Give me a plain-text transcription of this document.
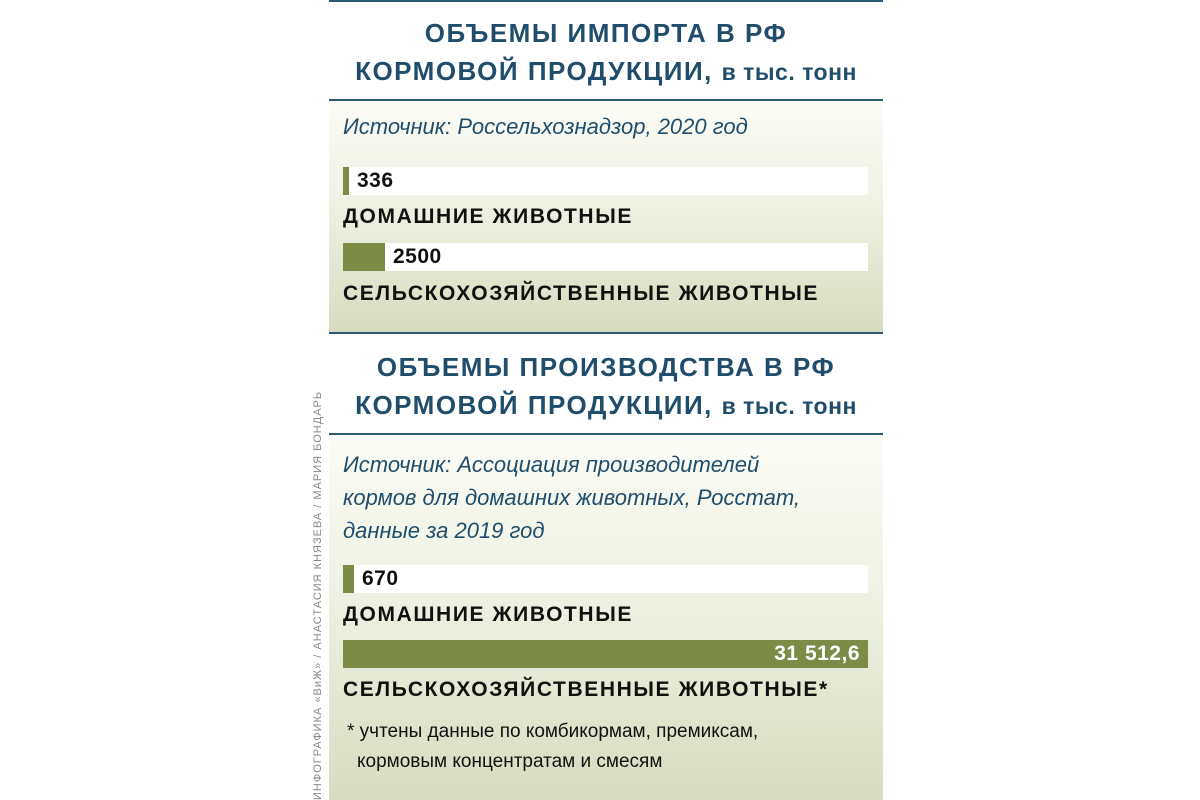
ОБЪЕМЫ ИМПОРТА В РФ
КОРМОВОЙ ПРОДУКЦИИ, в тыс. тонн
Источник: Россельхознадзор, 2020 год
336
ДОМАШНИЕ ЖИВОТНЫЕ
2500
СЕЛЬСКОХОЗЯЙСТВЕННЫЕ ЖИВОТНЫЕ
ОБЪЕМЫ ПРОИЗВОДСТВА В РФ
КОРМОВОЙ ПРОДУКЦИИ, в тыс. тонн
Источник: Ассоциация производителей
кормов для домашних животных, Росстат,
данные за 2019 год
670
ДОМАШНИЕ ЖИВОТНЫЕ
31 512,6
СЕЛЬСКОХОЗЯЙСТВЕННЫЕ ЖИВОТНЫЕ*
* учтены данные по комбикормам, премиксам,
кормовым концентратам и смесям
ИНФОГРАФИКА «ВиЖ» / АНАСТАСИЯ КНЯЗЕВА / МАРИЯ БОНДАРЬ
